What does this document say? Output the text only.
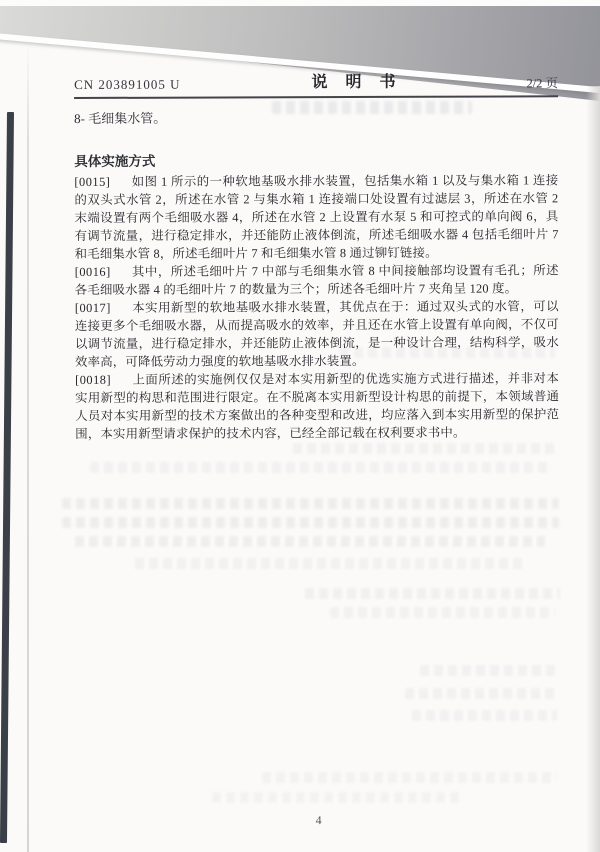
CN 203891005 U	说明书	2/2 页
8- 毛细集水管。
具体实施方式

[0015] 如图 1 所示的一种软地基吸水排水装置，包括集水箱 1 以及与集水箱 1 连接的双头式水管 2，所述在水管 2 与集水箱 1 连接端口处设置有过滤层 3，所述在水管 2 末端设置有两个毛细吸水器 4，所述在水管 2 上设置有水泵 5 和可控式的单向阀 6，具有调节流量，进行稳定排水，并还能防止液体倒流，所述毛细吸水器 4 包括毛细叶片 7 和毛细集水管 8，所述毛细叶片 7 和毛细集水管 8 通过铆钉链接。

[0016] 其中，所述毛细叶片 7 中部与毛细集水管 8 中间接触部均设置有毛孔；所述各毛细吸水器 4 的毛细叶片 7 的数量为三个；所述各毛细叶片 7 夹角呈 120 度。

[0017] 本实用新型的软地基吸水排水装置，其优点在于：通过双头式的水管，可以连接更多个毛细吸水器，从而提高吸水的效率，并且还在水管上设置有单向阀，不仅可以调节流量，进行稳定排水，并还能防止液体倒流，是一种设计合理，结构科学，吸水效率高，可降低劳动力强度的软地基吸水排水装置。

[0018] 上面所述的实施例仅仅是对本实用新型的优选实施方式进行描述，并非对本实用新型的构思和范围进行限定。在不脱离本实用新型设计构思的前提下，本领域普通人员对本实用新型的技术方案做出的各种变型和改进，均应落入到本实用新型的保护范围，本实用新型请求保护的技术内容，已经全部记载在权利要求书中。

4
